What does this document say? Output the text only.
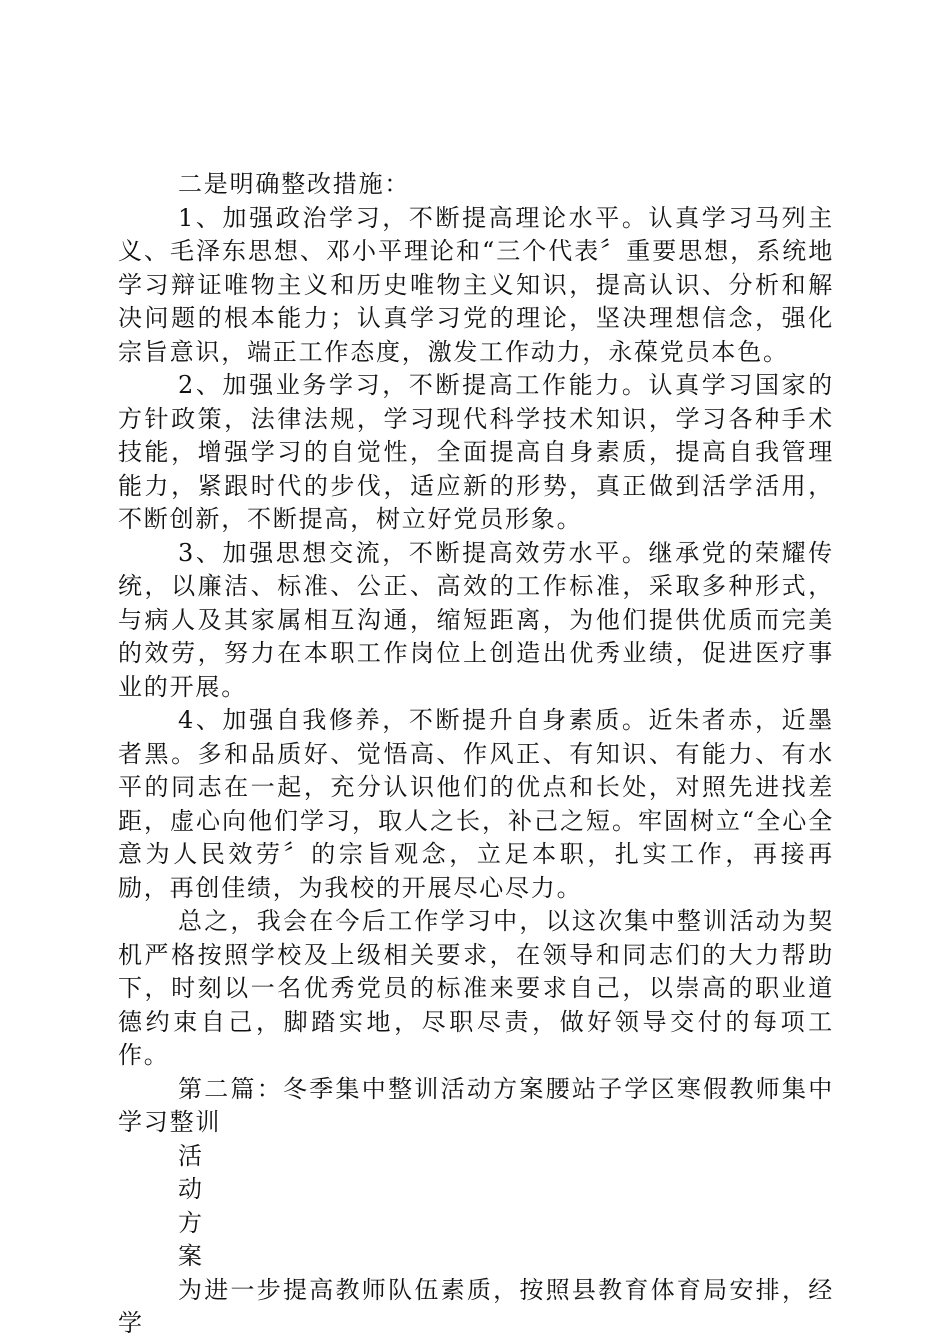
二是明确整改措施：

1、加强政治学习，不断提高理论水平。认真学习马列主义、毛泽东思想、邓小平理论和“三个代表〞重要思想，系统地学习辩证唯物主义和历史唯物主义知识，提高认识、分析和解决问题的根本能力；认真学习党的理论，坚决理想信念，强化宗旨意识，端正工作态度，激发工作动力，永葆党员本色。

2、加强业务学习，不断提高工作能力。认真学习国家的方针政策，法律法规，学习现代科学技术知识，学习各种手术技能，增强学习的自觉性，全面提高自身素质，提高自我管理能力，紧跟时代的步伐，适应新的形势，真正做到活学活用，不断创新，不断提高，树立好党员形象。

3、加强思想交流，不断提高效劳水平。继承党的荣耀传统，以廉洁、标准、公正、高效的工作标准，采取多种形式，与病人及其家属相互沟通，缩短距离，为他们提供优质而完美的效劳，努力在本职工作岗位上创造出优秀业绩，促进医疗事业的开展。

4、加强自我修养，不断提升自身素质。近朱者赤，近墨者黑。多和品质好、觉悟高、作风正、有知识、有能力、有水平的同志在一起，充分认识他们的优点和长处，对照先进找差距，虚心向他们学习，取人之长，补己之短。牢固树立“全心全意为人民效劳〞的宗旨观念，立足本职，扎实工作，再接再励，再创佳绩，为我校的开展尽心尽力。

总之，我会在今后工作学习中，以这次集中整训活动为契机严格按照学校及上级相关要求，在领导和同志们的大力帮助下，时刻以一名优秀党员的标准来要求自己，以崇高的职业道德约束自己，脚踏实地，尽职尽责，做好领导交付的每项工作。

第二篇：冬季集中整训活动方案腰站子学区寒假教师集中学习整训

活

动

方

案

为进一步提高教师队伍素质，按照县教育体育局安排，经学
